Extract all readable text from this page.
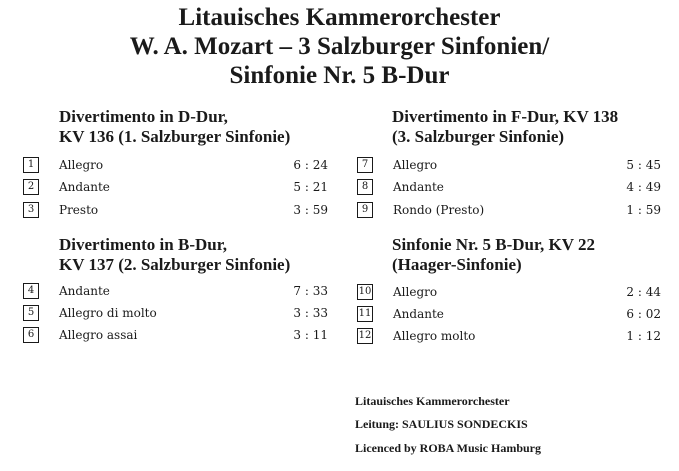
Litauisches Kammerorchester
W. A. Mozart – 3 Salzburger Sinfonien/
Sinfonie Nr. 5 B-Dur
Divertimento in D-Dur,
KV 136 (1. Salzburger Sinfonie)
1	Allegro	6 : 24
2	Andante	5 : 21
3	Presto	3 : 59
Divertimento in F-Dur, KV 138
(3. Salzburger Sinfonie)
7	Allegro	5 : 45
8	Andante	4 : 49
9	Rondo (Presto)	1 : 59
Divertimento in B-Dur,
KV 137 (2. Salzburger Sinfonie)
4	Andante	7 : 33
5	Allegro di molto	3 : 33
6	Allegro assai	3 : 11
Sinfonie Nr. 5 B-Dur, KV 22
(Haager-Sinfonie)
10 Allegro	2 : 44
11 Andante	6 : 02
12 Allegro molto	1 : 12
Litauisches Kammerorchester
Leitung: SAULIUS SONDECKIS
Licenced by ROBA Music Hamburg
